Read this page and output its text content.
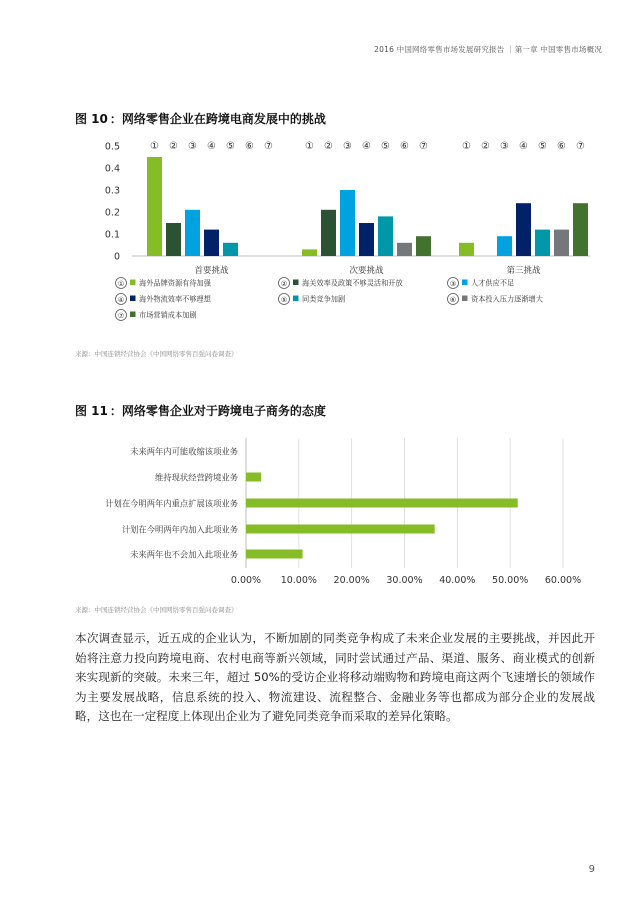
2016 中国网络零售市场发展研究报告 ｜第一章 中国零售市场概况
图 10 ：网络零售企业在跨境电商发展中的挑战
0
0.1
0.2
0.3
0.4
0.5	① ② ③ ④ ⑤ ⑥ ⑦
首要挑战
① ② ③ ④ ⑤ ⑥ ⑦
次要挑战
① ② ③ ④ ⑤ ⑥ ⑦
第三挑战
① 海外品牌资源有待加强	② 海关效率及政策不够灵活和开放	③ 人才供应不足
④ 海外物流效率不够理想	⑤ 同类竞争加剧	⑥ 资本投入压力逐渐增大
⑦ 市场营销成本加剧
来源：中国连锁经营协会《中国网络零售百强问卷调查》
图 11 ：网络零售企业对于跨境电子商务的态度
0.00% 10.00% 20.00% 30.00% 40.00% 50.00% 60.00%
未来两年内可能收缩该项业务
维持现状经营跨境业务
计划在今明两年内重点扩展该项业务
计划在今明两年内加入此项业务
未来两年也不会加入此项业务
来源：中国连锁经营协会《中国网络零售百强问卷调查》

本次调查显示，近五成的企业认为，不断加剧的同类竞争构成了未来企业发展的主要挑战，并因此开始将注意力投向跨境电商、农村电商等新兴领域，同时尝试通过产品、渠道、服务、商业模式的创新来实现新的突破。未来三年，超过 50%的受访企业将移动端购物和跨境电商这两个飞速增长的领域作为主要发展战略，信息系统的投入、物流建设、流程整合、金融业务等也都成为部分企业的发展战略，这也在一定程度上体现出企业为了避免同类竞争而采取的差异化策略。

9
